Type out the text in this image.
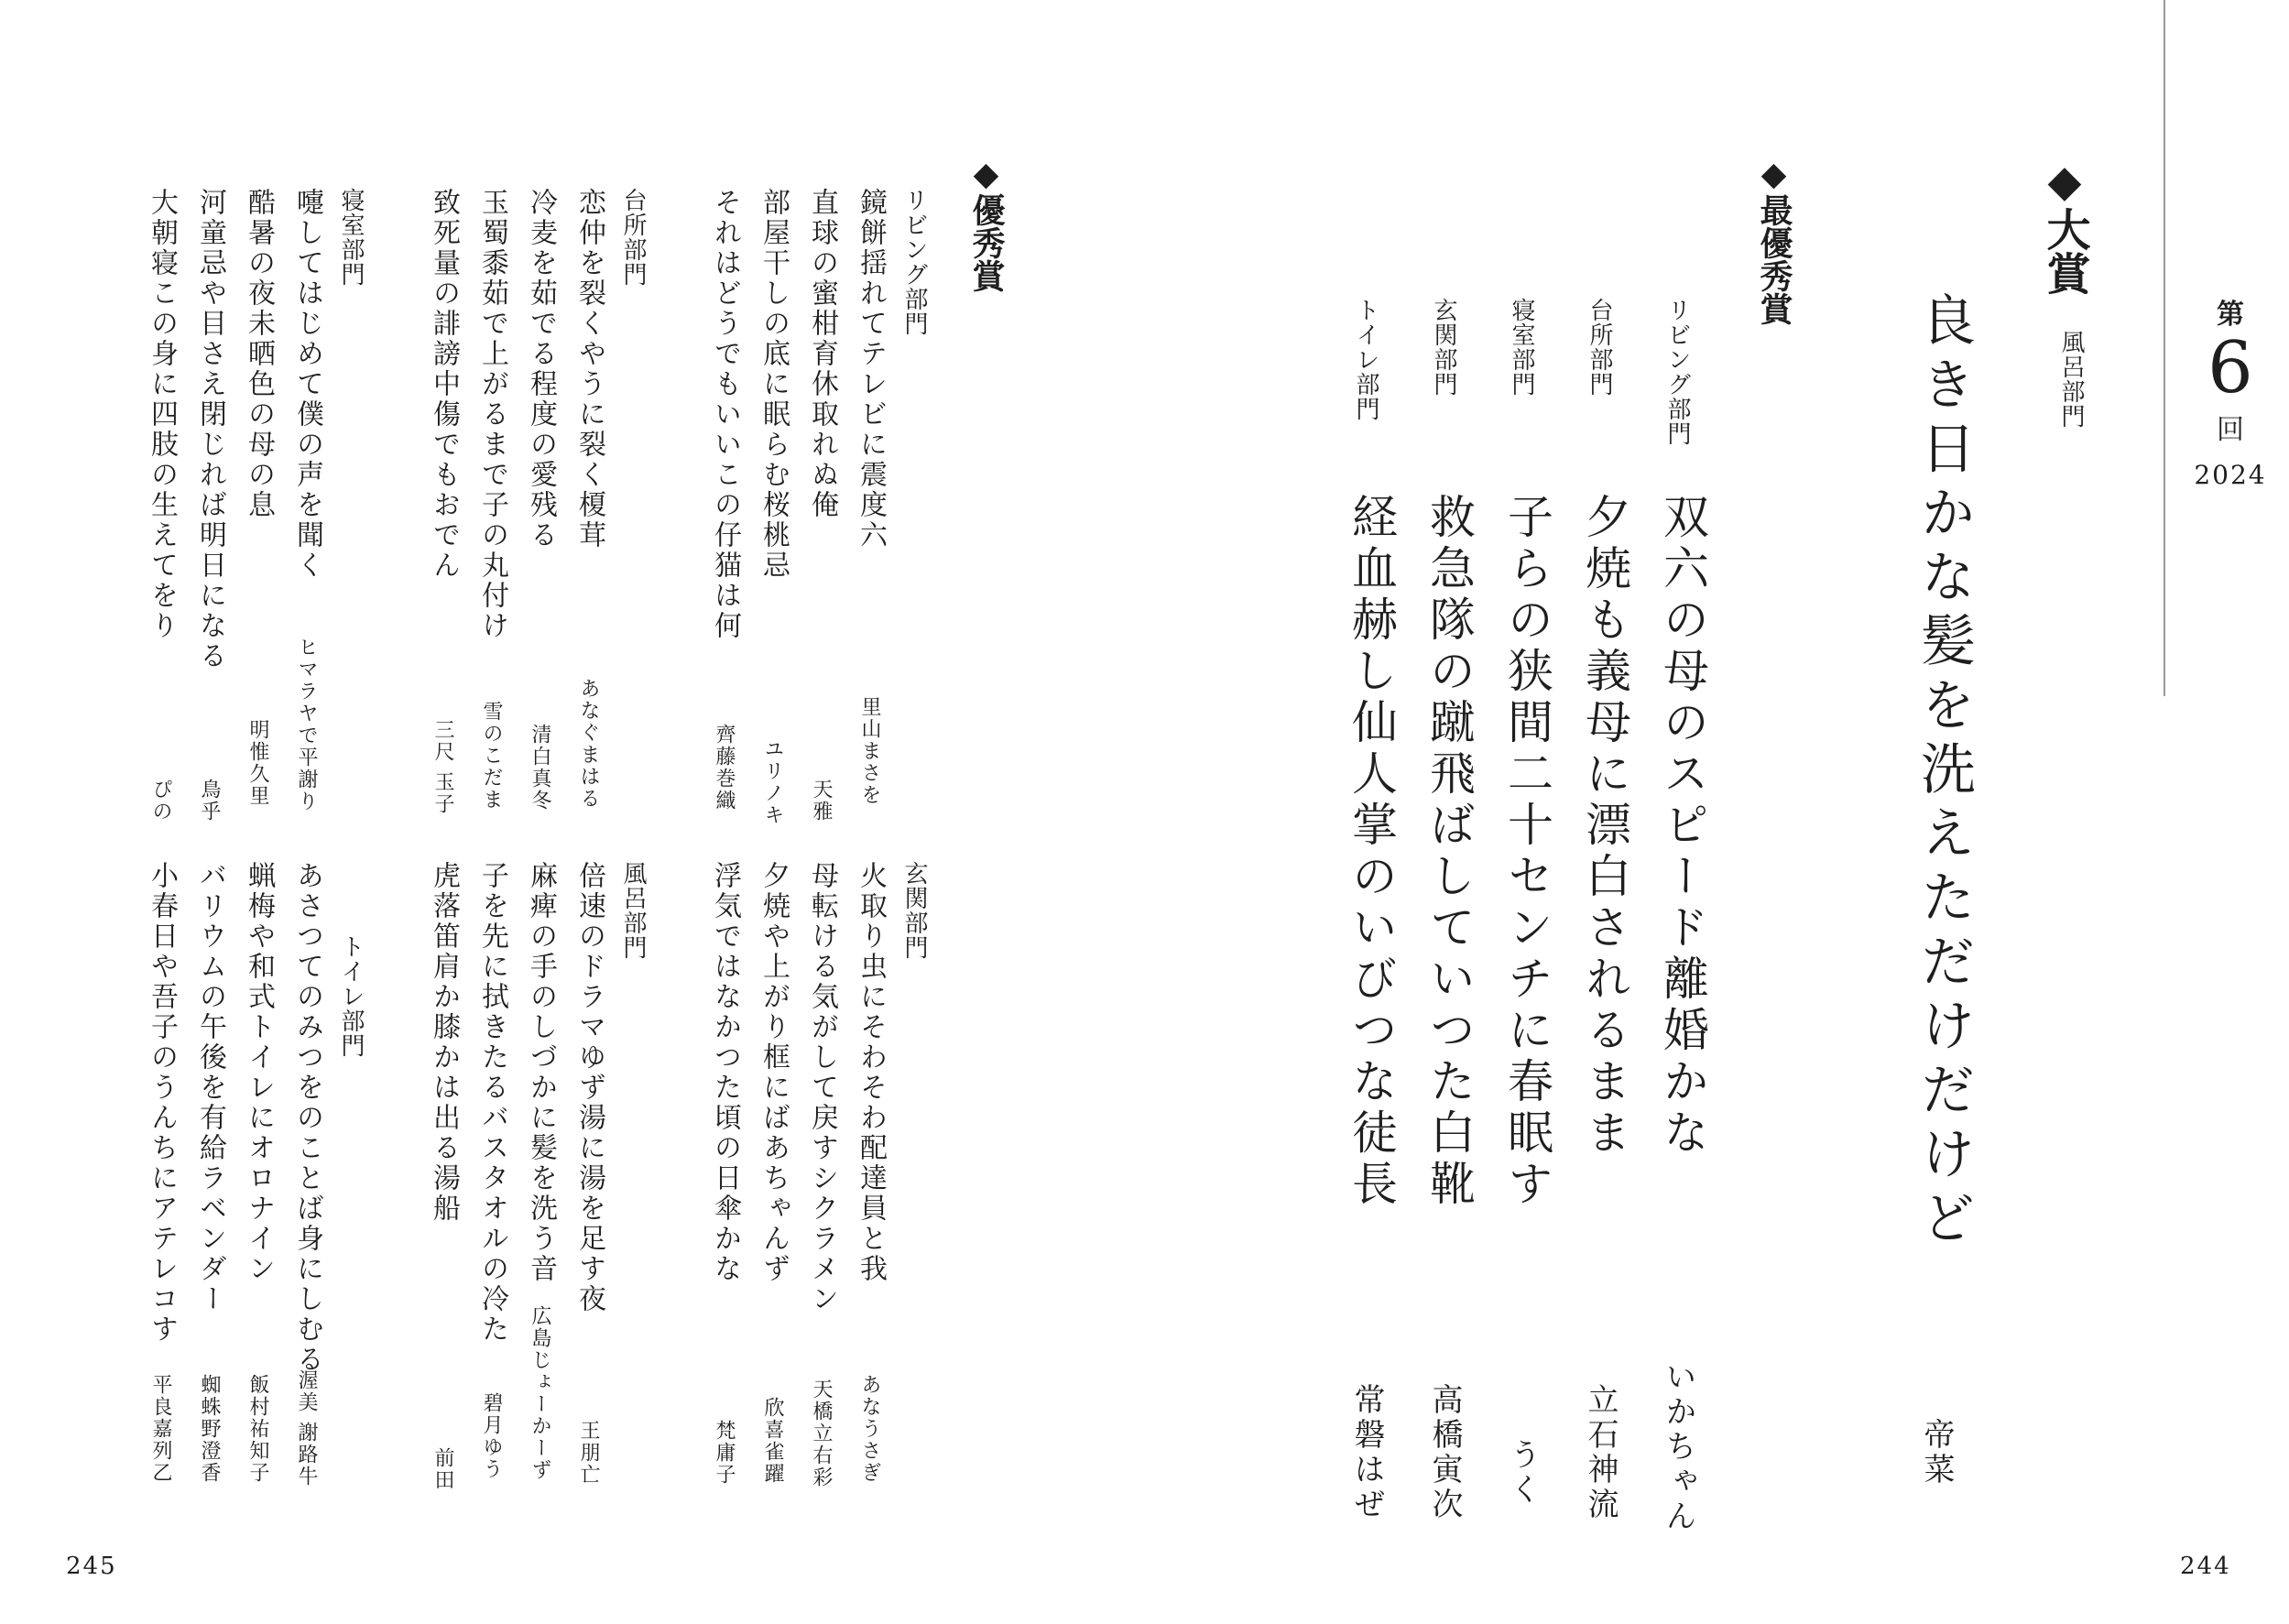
第
6
回
2024
◆大賞
風呂部門
良き日かな髪を洗えただけだけど
帝菜
◆最優秀賞
リビング部門
双六の母のスピード離婚かな
いかちゃん
台所部門
夕焼も義母に漂白されるまま
立石神流
寝室部門
子らの狭間二十センチに春眠す
うく
玄関部門
救急隊の蹴飛ばしていつた白靴
高橋寅次
トイレ部門
経血赫し仙人掌のいびつな徒長
常磐はぜ
◆優秀賞
リビング部門
鏡餅揺れてテレビに震度六
里山まさを
直球の蜜柑育休取れぬ俺
天雅
部屋干しの底に眠らむ桜桃忌
ユリノキ
それはどうでもいいこの仔猫は何
齊藤巻織
台所部門
恋仲を裂くやうに裂く榎茸
あなぐまはる
冷麦を茹でる程度の愛残る
清白真冬
玉蜀黍茹で上がるまで子の丸付け
雪のこだま
致死量の誹謗中傷でもおでん
三尺 玉子
寝室部門
嚏してはじめて僕の声を聞く
ヒマラヤで平謝り
酷暑の夜未晒色の母の息
明惟久里
河童忌や目さえ閉じれば明日になる
鳥乎
大朝寝この身に四肢の生えてをり
ぴの
玄関部門
火取り虫にそわそわ配達員と我
あなうさぎ
母転ける気がして戻すシクラメン
天橋立右彩
夕焼や上がり框にばあちゃんず
欣喜雀躍
浮気ではなかつた頃の日傘かな
梵庸子
風呂部門
倍速のドラマゆず湯に湯を足す夜
王朋亡
麻痺の手のしづかに髪を洗う音
広島じょーかーず
子を先に拭きたるバスタオルの冷た
碧月ゆう
虎落笛肩か膝かは出る湯船
前田
トイレ部門
あさつてのみつをのことば身にしむる
渥美 謝路牛
蝋梅や和式トイレにオロナイン
飯村祐知子
バリウムの午後を有給ラベンダー
蜘蛛野澄香
小春日や吾子のうんちにアテレコす
平良嘉列乙
245	244
